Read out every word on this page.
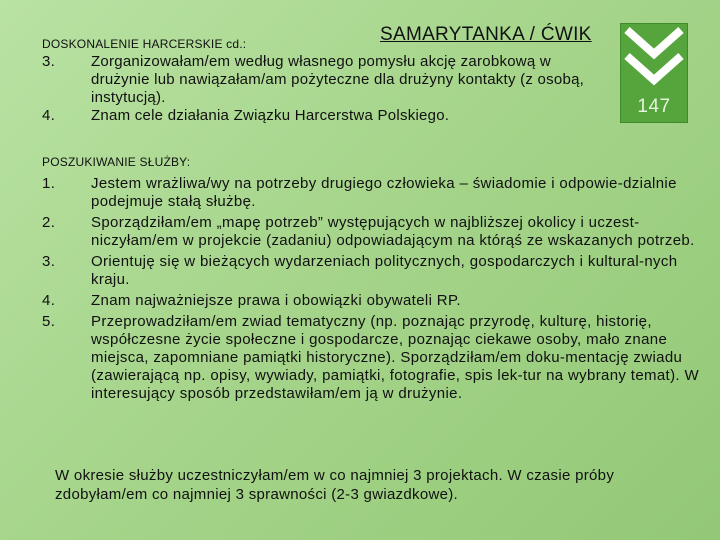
DOSKONALENIE HARCERSKIE cd.:	SAMARYTANKA / ĆWIK
147
3. Zorganizowałam/em według własnego pomysłu akcję zarobkową w drużynie lub nawiązałam/am pożyteczne dla drużyny kontakty (z osobą, instytucją).
4. Znam cele działania Związku Harcerstwa Polskiego.
POSZUKIWANIE SŁUŻBY:
1. Jestem wrażliwa/wy na potrzeby drugiego człowieka – świadomie i odpowie-dzialnie podejmuje stałą służbę.
2. Sporządziłam/em „mapę potrzeb” występujących w najbliższej okolicy i uczest-niczyłam/em w projekcie (zadaniu) odpowiadającym na którąś ze wskazanych potrzeb.
3. Orientuję się w bieżących wydarzeniach politycznych, gospodarczych i kultural-nych kraju.
4. Znam najważniejsze prawa i obowiązki obywateli RP.
5. Przeprowadziłam/em zwiad tematyczny (np. poznając przyrodę, kulturę, historię, współczesne życie społeczne i gospodarcze, poznając ciekawe osoby, mało znane miejsca, zapomniane pamiątki historyczne). Sporządziłam/em doku-mentację zwiadu (zawierającą np. opisy, wywiady, pamiątki, fotografie, spis lek-tur na wybrany temat). W interesujący sposób przedstawiłam/em ją w drużynie.
W okresie służby uczestniczyłam/em w co najmniej 3 projektach. W czasie próby zdobyłam/em co najmniej 3 sprawności (2-3 gwiazdkowe).
